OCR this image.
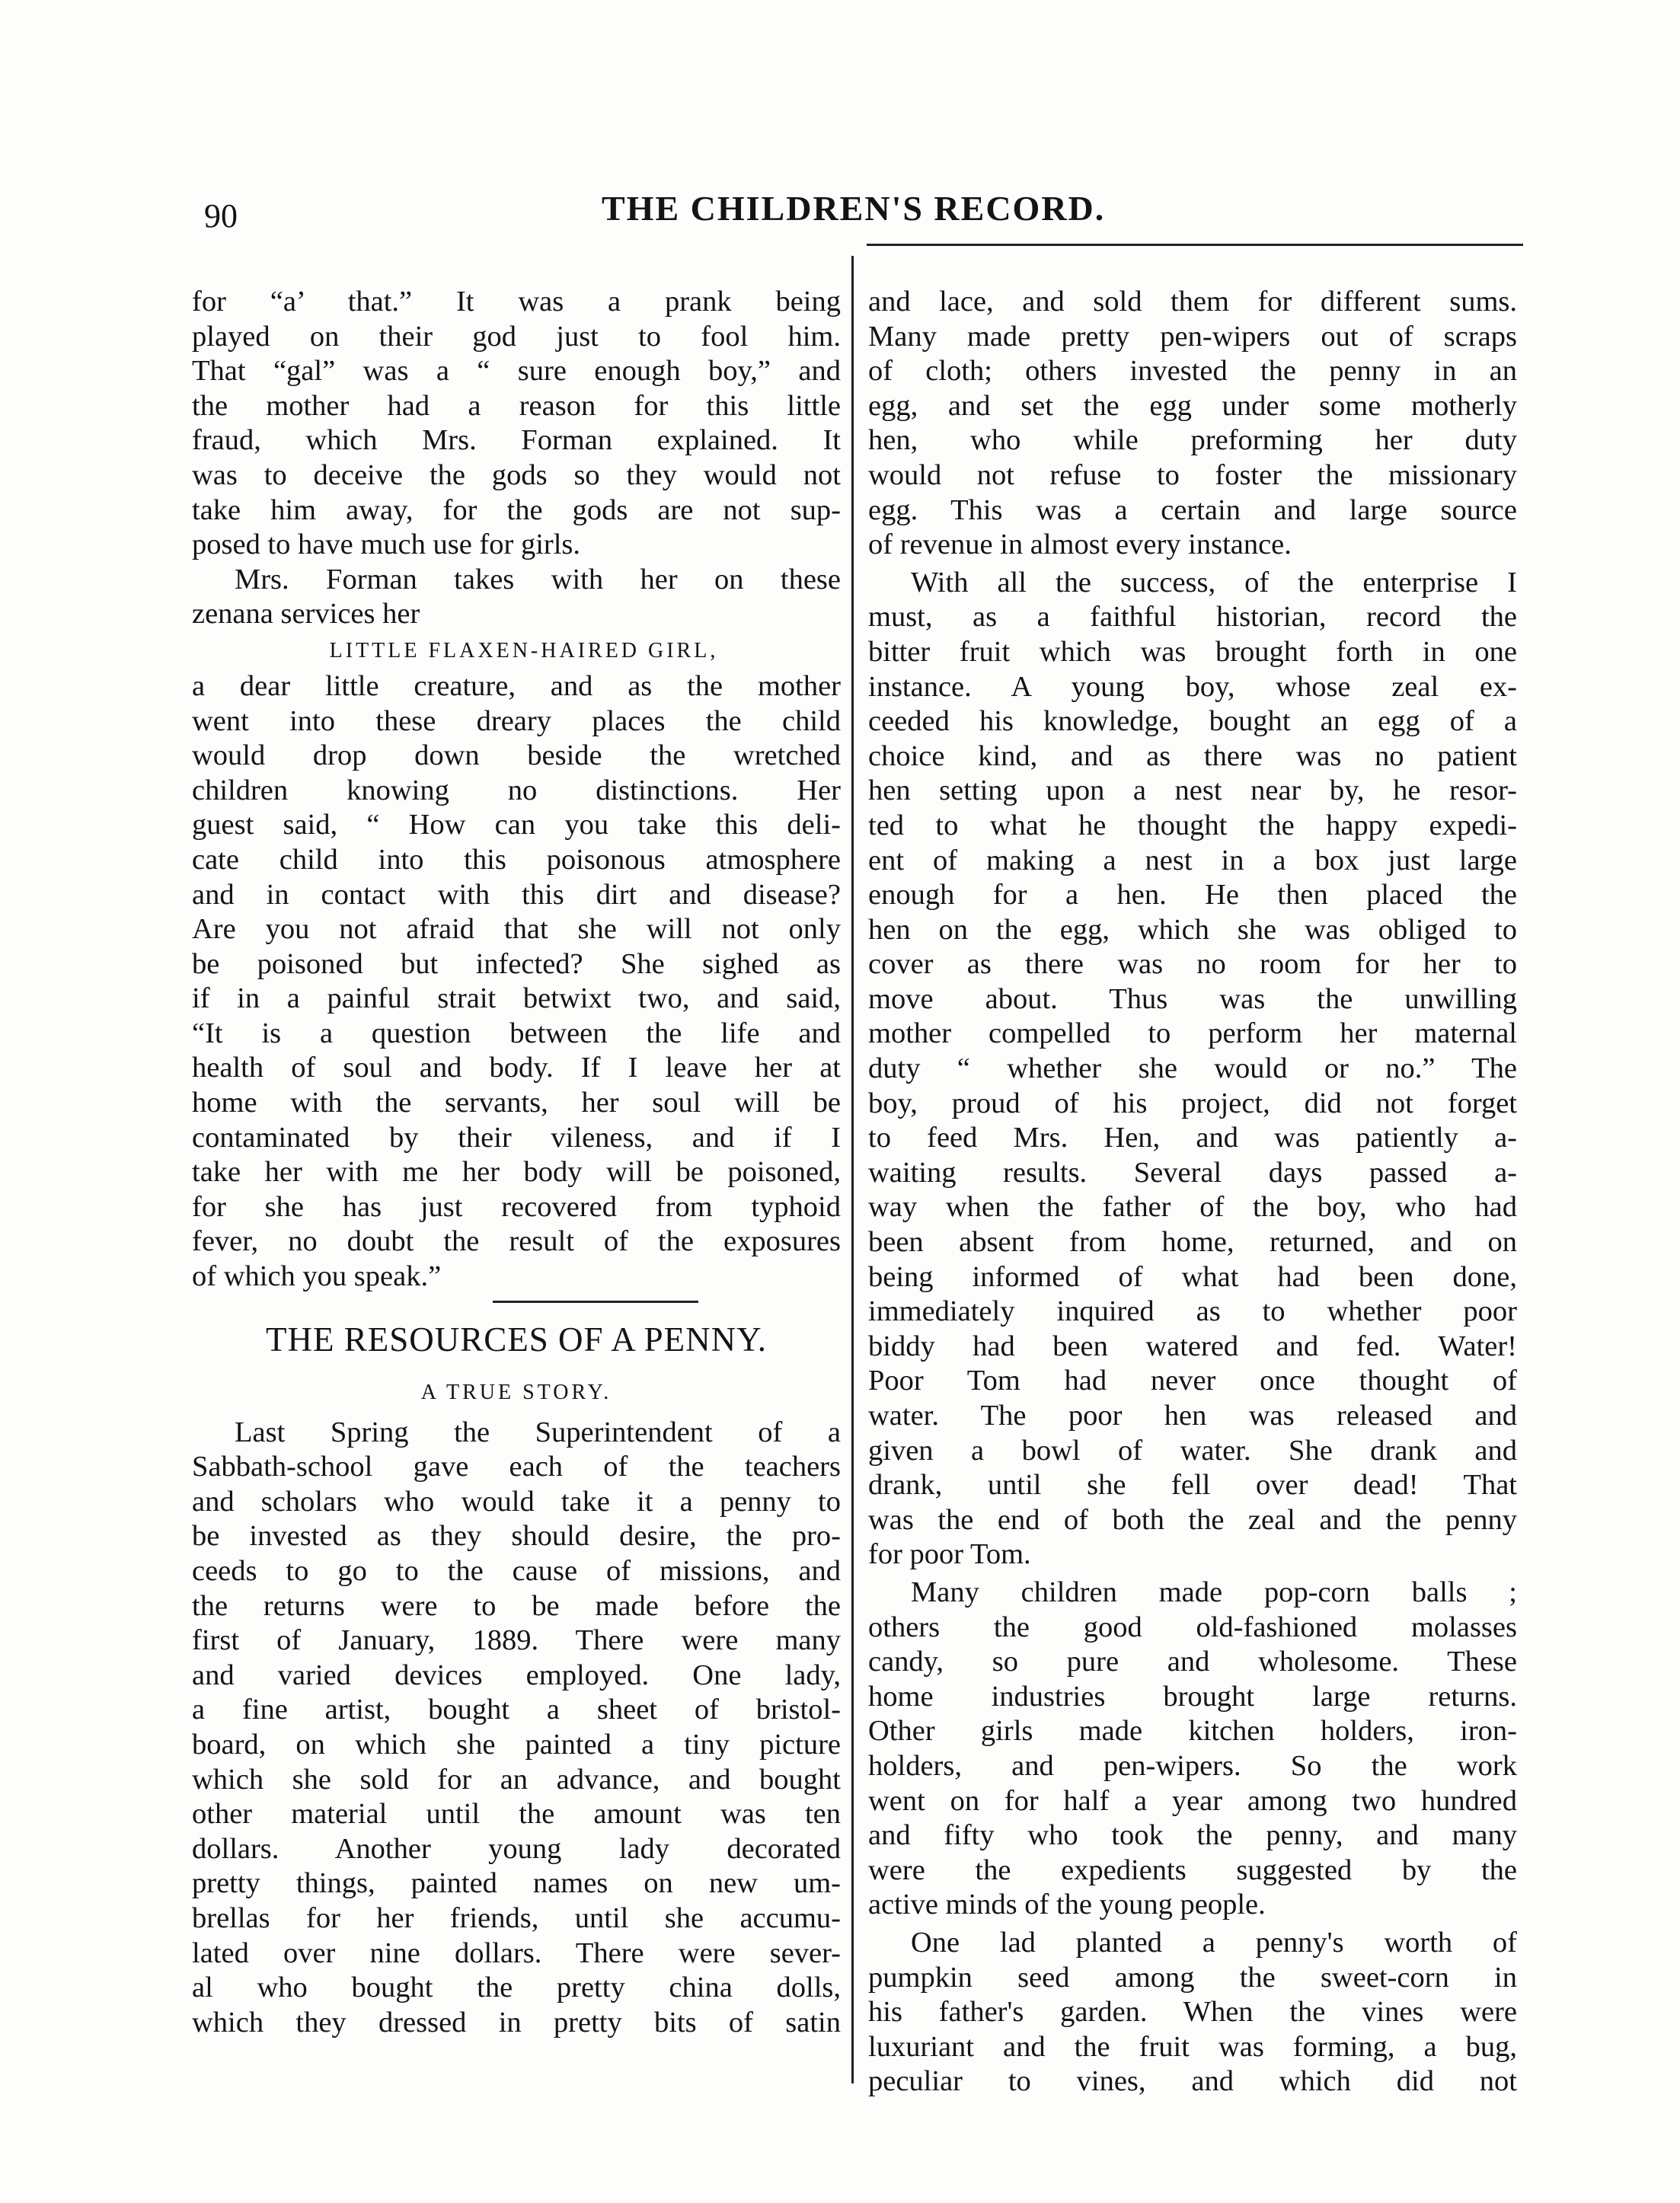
90	THE CHILDREN'S RECORD.
for “a’ that.” It was a prank being
played on their god just to fool him.
That “gal” was a “ sure enough boy,” and
the mother had a reason for this little
fraud, which Mrs. Forman explained. It
was to deceive the gods so they would not
take him away, for the gods are not sup-
posed to have much use for girls.
Mrs. Forman takes with her on these
zenana services her
LITTLE FLAXEN-HAIRED GIRL,
a dear little creature, and as the mother
went into these dreary places the child
would drop down beside the wretched
children knowing no distinctions. Her
guest said, “ How can you take this deli-
cate child into this poisonous atmosphere
and in contact with this dirt and disease?
Are you not afraid that she will not only
be poisoned but infected? She sighed as
if in a painful strait betwixt two, and said,
“It is a question between the life and
health of soul and body. If I leave her at
home with the servants, her soul will be
contaminated by their vileness, and if I
take her with me her body will be poisoned,
for she has just recovered from typhoid
fever, no doubt the result of the exposures
of which you speak.”
THE RESOURCES OF A PENNY.
A TRUE STORY.
Last Spring the Superintendent of a
Sabbath-school gave each of the teachers
and scholars who would take it a penny to
be invested as they should desire, the pro-
ceeds to go to the cause of missions, and
the returns were to be made before the
first of January, 1889. There were many
and varied devices employed. One lady,
a fine artist, bought a sheet of bristol-
board, on which she painted a tiny picture
which she sold for an advance, and bought
other material until the amount was ten
dollars. Another young lady decorated
pretty things, painted names on new um-
brellas for her friends, until she accumu-
lated over nine dollars. There were sever-
al who bought the pretty china dolls,
which they dressed in pretty bits of satin
and lace, and sold them for different sums.
Many made pretty pen-wipers out of scraps
of cloth; others invested the penny in an
egg, and set the egg under some motherly
hen, who while preforming her duty
would not refuse to foster the missionary
egg. This was a certain and large source
of revenue in almost every instance.
With all the success, of the enterprise I
must, as a faithful historian, record the
bitter fruit which was brought forth in one
instance. A young boy, whose zeal ex-
ceeded his knowledge, bought an egg of a
choice kind, and as there was no patient
hen setting upon a nest near by, he resor-
ted to what he thought the happy expedi-
ent of making a nest in a box just large
enough for a hen. He then placed the
hen on the egg, which she was obliged to
cover as there was no room for her to
move about. Thus was the unwilling
mother compelled to perform her maternal
duty “ whether she would or no.” The
boy, proud of his project, did not forget
to feed Mrs. Hen, and was patiently a-
waiting results. Several days passed a-
way when the father of the boy, who had
been absent from home, returned, and on
being informed of what had been done,
immediately inquired as to whether poor
biddy had been watered and fed. Water!
Poor Tom had never once thought of
water. The poor hen was released and
given a bowl of water. She drank and
drank, until she fell over dead! That
was the end of both the zeal and the penny
for poor Tom.
Many children made pop-corn balls ;
others the good old-fashioned molasses
candy, so pure and wholesome. These
home industries brought large returns.
Other girls made kitchen holders, iron-
holders, and pen-wipers. So the work
went on for half a year among two hundred
and fifty who took the penny, and many
were the expedients suggested by the
active minds of the young people.
One lad planted a penny's worth of
pumpkin seed among the sweet-corn in
his father's garden. When the vines were
luxuriant and the fruit was forming, a bug,
peculiar to vines, and which did not
